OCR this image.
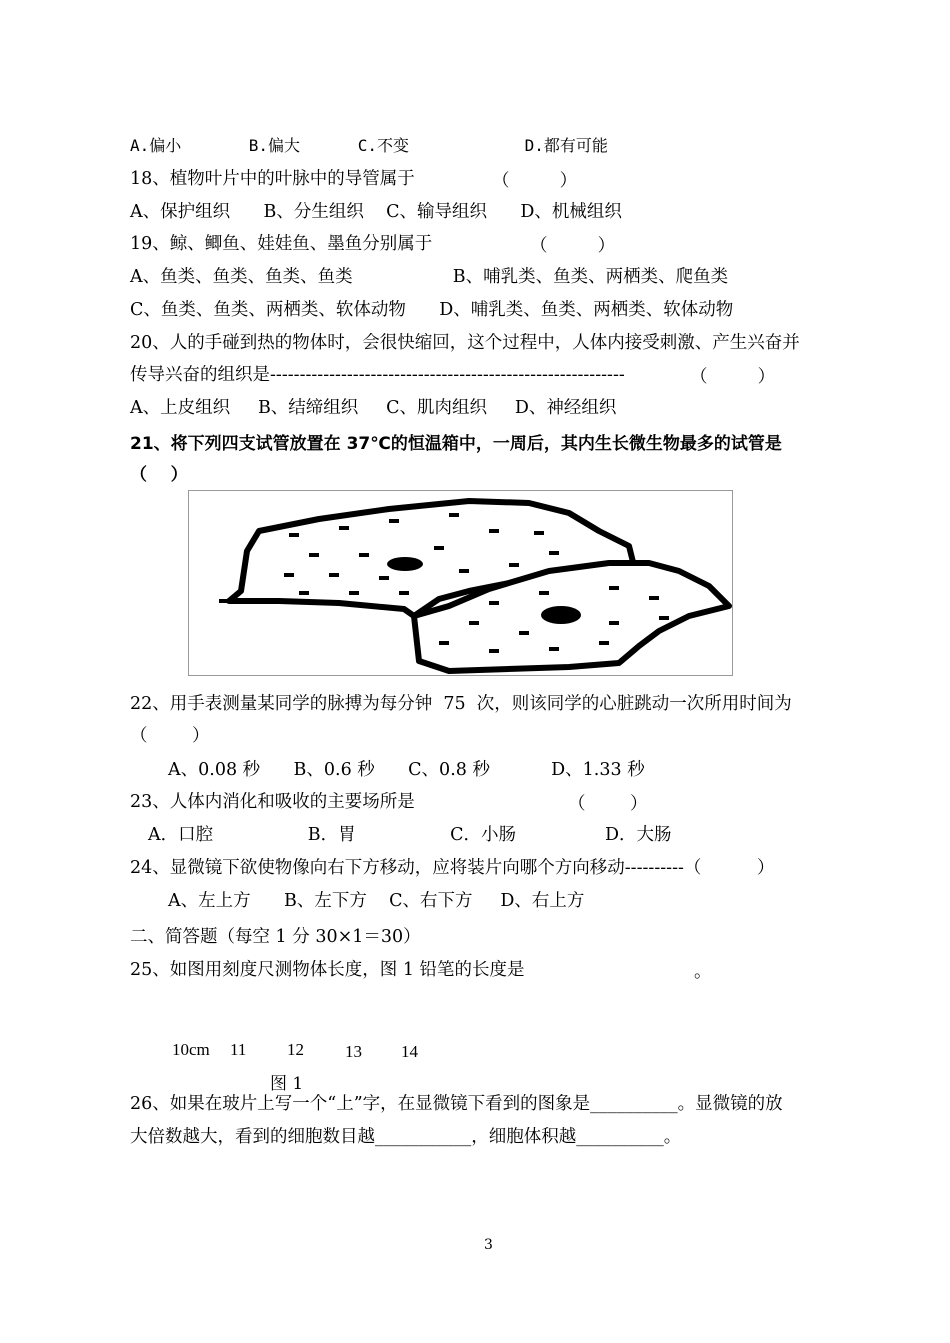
A.偏小       B.偏大      C.不变            D.都有可能
18、植物叶片中的叶脉中的导管属于	（         ）
A、保护组织      B、分生组织    C、输导组织      D、机械组织
19、鲸、鲫鱼、娃娃鱼、墨鱼分别属于	（         ）
A、鱼类、鱼类、鱼类、鱼类                  B、哺乳类、鱼类、两栖类、爬鱼类
C、鱼类、鱼类、两栖类、软体动物      D、哺乳类、鱼类、两栖类、软体动物
20、人的手碰到热的物体时，会很快缩回，这个过程中，人体内接受刺激、产生兴奋并
传导兴奋的组织是------------------------------------------------------------	（         ）
A、上皮组织     B、结缔组织     C、肌肉组织     D、神经组织
21、将下列四支试管放置在 37℃的恒温箱中，一周后，其内生长微生物最多的试管是
（    ）
22、用手表测量某同学的脉搏为每分钟  75  次，则该同学的心脏跳动一次所用时间为
（        ）
A、0.08 秒      B、0.6 秒      C、0.8 秒           D、1.33 秒
23、人体内消化和吸收的主要场所是	（        ）
A．口腔                 B．胃                 C．小肠                D．大肠
24、显微镜下欲使物像向右下方移动，应将装片向哪个方向移动----------（          ）
A、左上方      B、左下方    C、右下方     D、右上方
二、简答题（每空 1 分 30×1＝30）
25、如图用刻度尺测物体长度，图 1 铅笔的长度是	。
10cm 11 12 13 14
图 1
26、如果在玻片上写一个“上”字，在显微镜下看到的图象是__________。显微镜的放
大倍数越大，看到的细胞数目越___________，细胞体积越__________。
3
